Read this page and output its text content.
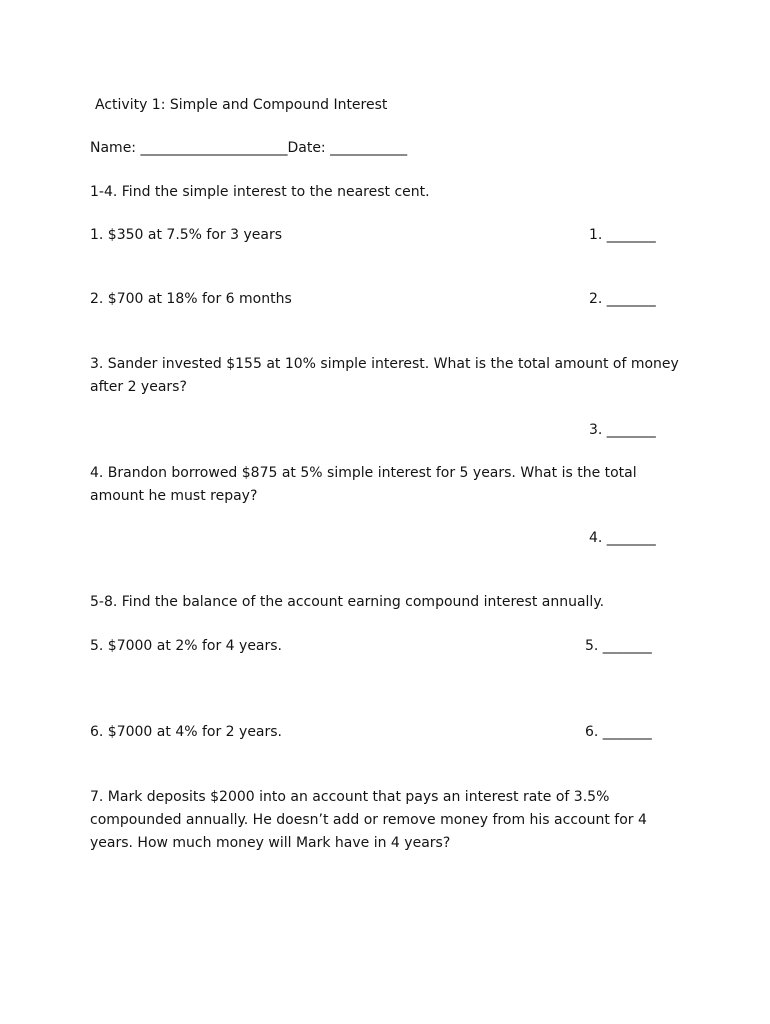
Activity 1: Simple and Compound Interest
Name: _____________________Date: ___________
1-4. Find the simple interest to the nearest cent.
1. $350 at 7.5% for 3 years	1. _______
2. $700 at 18% for 6 months	2. _______
3. Sander invested $155 at 10% simple interest. What is the total amount of money after 2 years?
3. _______
4. Brandon borrowed $875 at 5% simple interest for 5 years. What is the total amount he must repay?
4. _______
5-8. Find the balance of the account earning compound interest annually.
5. $7000 at 2% for 4 years.	5. _______
6. $7000 at 4% for 2 years.	6. _______
7. Mark deposits $2000 into an account that pays an interest rate of 3.5% compounded annually. He doesn’t add or remove money from his account for 4 years. How much money will Mark have in 4 years?
